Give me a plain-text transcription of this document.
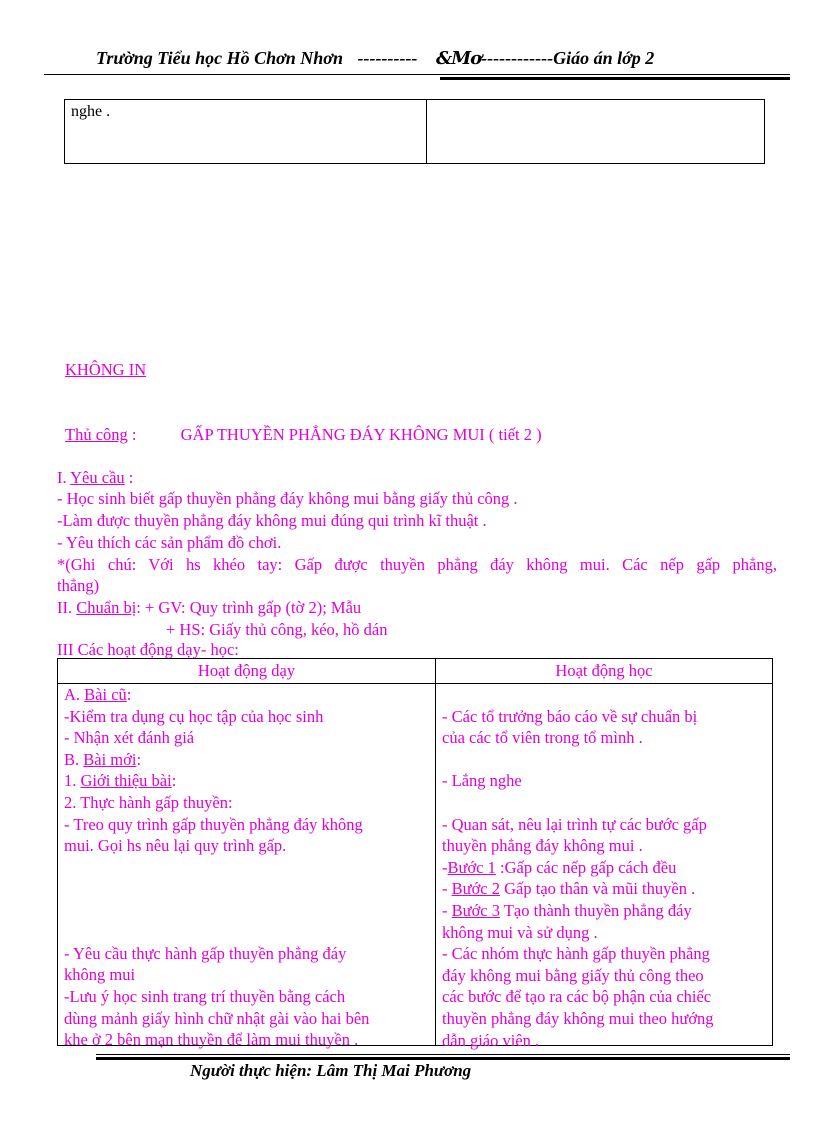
Trường Tiểu học Hồ Chơn Nhơn ---------- &Mơ------------Giáo án lớp 2
nghe .
KHÔNG IN
Thủ công :	GẤP THUYỀN PHẲNG ĐÁY KHÔNG MUI ( tiết 2 )
I. Yêu cầu :
- Học sinh biết gấp thuyền phẳng đáy không mui bằng giấy thủ công .
-Làm được thuyền phẳng đáy không mui đúng qui trình kĩ thuật .
- Yêu thích các sản phẩm đồ chơi.
*(Ghi chú: Với hs khéo tay: Gấp được thuyền phẳng đáy không mui. Các nếp gấp phẳng,
thẳng)
II. Chuẩn bị: + GV: Quy trình gấp (tờ 2); Mẫu
+ HS: Giấy thủ công, kéo, hồ dán
III Các hoạt động dạy- học:
Hoạt động dạy	Hoạt động học
A. Bài cũ:
-Kiểm tra dụng cụ học tập của học sinh
- Nhận xét đánh giá
B. Bài mới:
1. Giới thiệu bài:
2. Thực hành gấp thuyền:
- Treo quy trình gấp thuyền phẳng đáy không
mui. Gọi hs nêu lại quy trình gấp.
- Yêu cầu thực hành gấp thuyền phẳng đáy
không mui
-Lưu ý học sinh trang trí thuyền bằng cách
dùng mảnh giấy hình chữ nhật gài vào hai bên
khe ở 2 bên mạn thuyền để làm mui thuyền .
- Các tổ trưởng báo cáo về sự chuẩn bị
của các tổ viên trong tổ mình .
- Lắng nghe
- Quan sát, nêu lại trình tự các bước gấp
thuyền phẳng đáy không mui .
-Bước 1 :Gấp các nếp gấp cách đều
- Bước 2 Gấp tạo thân và mũi thuyền .
- Bước 3 Tạo thành thuyền phẳng đáy
không mui và sử dụng .
- Các nhóm thực hành gấp thuyền phẳng
đáy không mui bằng giấy thủ công theo
các bước để tạo ra các bộ phận của chiếc
thuyền phẳng đáy không mui theo hướng
dẫn giáo viên .
Người thực hiện: Lâm Thị Mai Phương
